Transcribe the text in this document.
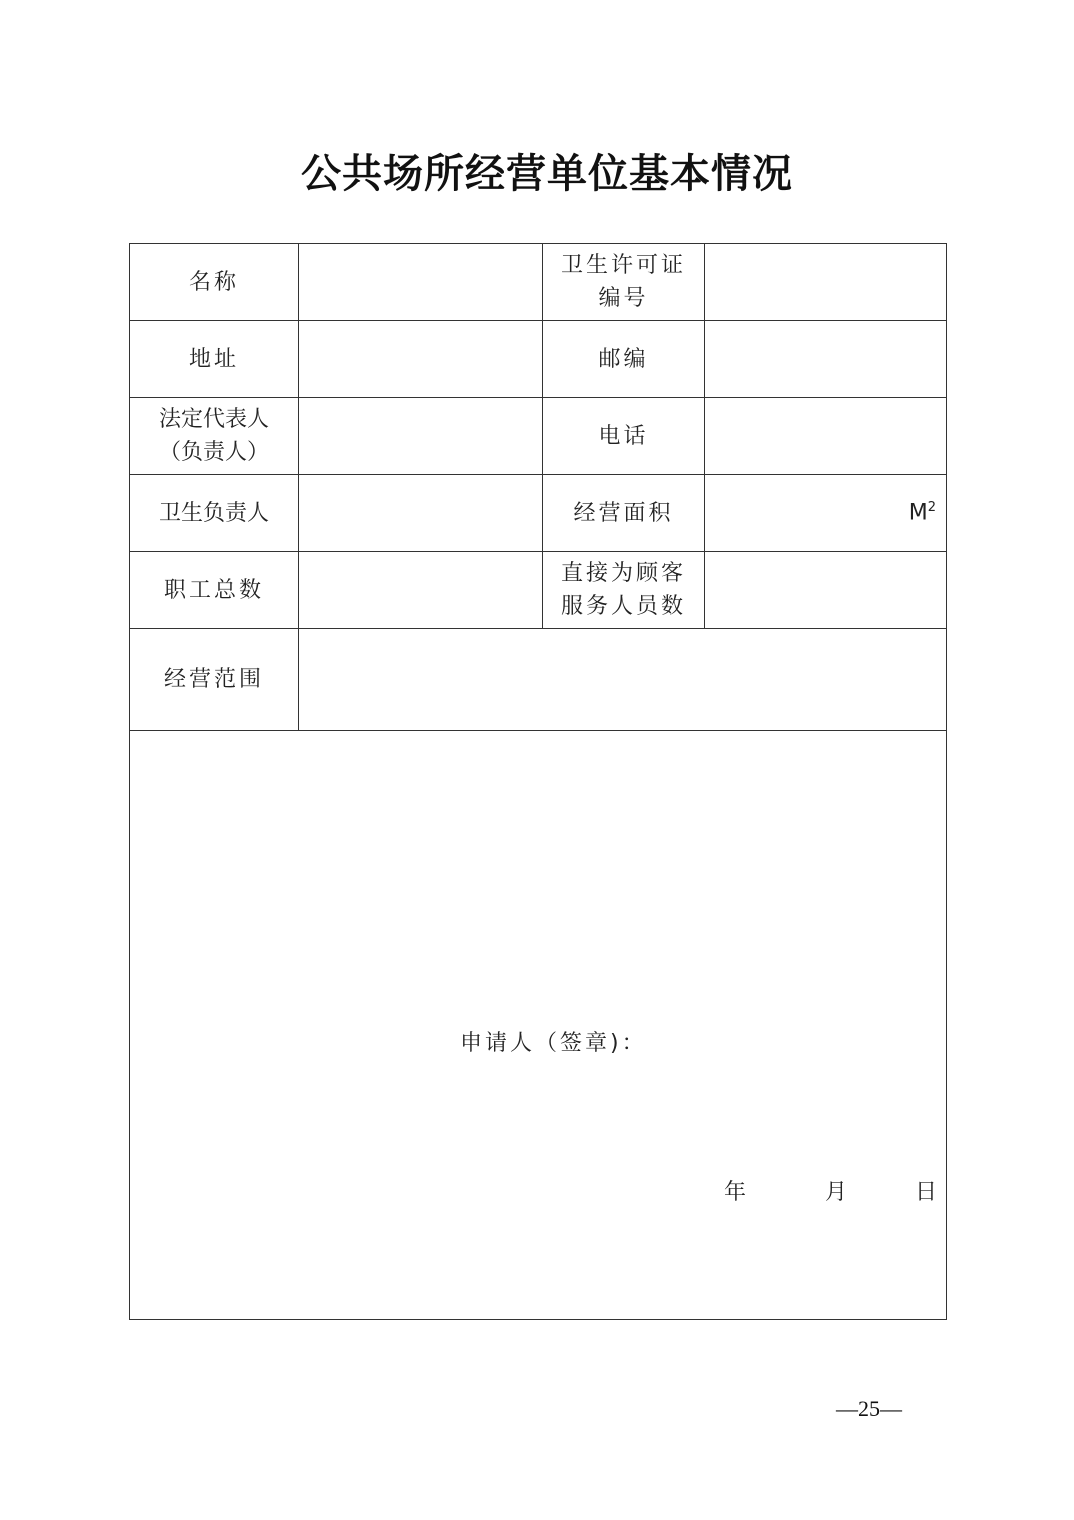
公共场所经营单位基本情况
名称		卫生许可证编号	

地址		邮编	

法定代表人（负责人）		电话	
卫生负责人		经营面积	$M^2$
职工总数		直接为顾客服务人员数	

经营范围			

申请人（签章)：
年 月 日			
—25—
